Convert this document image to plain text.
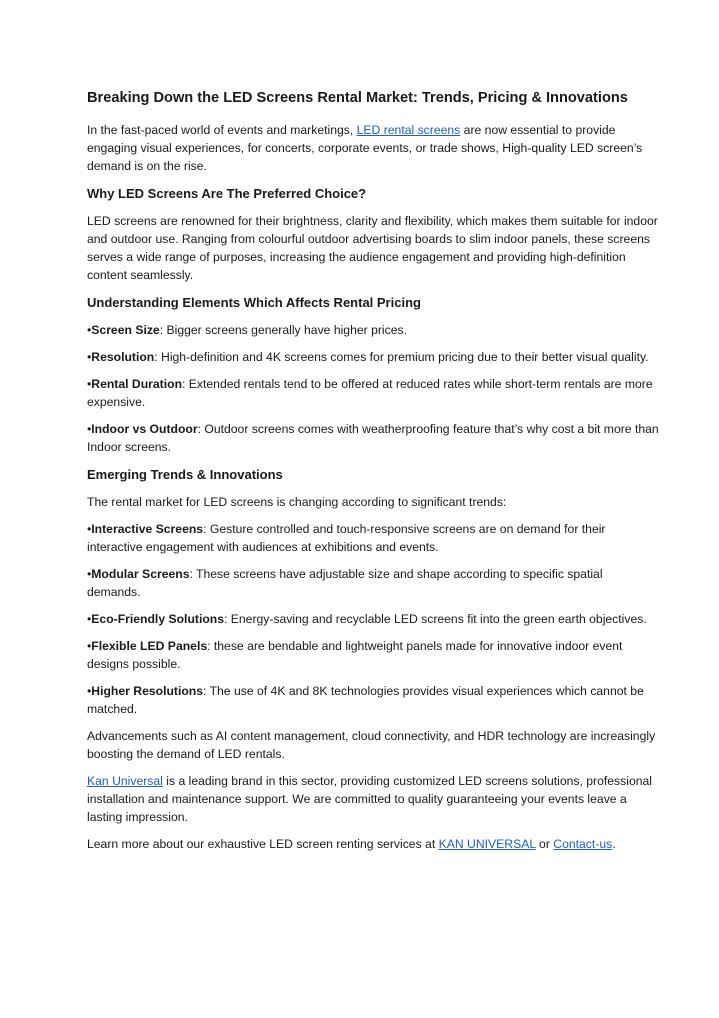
Breaking Down the LED Screens Rental Market: Trends, Pricing & Innovations

In the fast-paced world of events and marketings, LED rental screens are now essential to provide engaging visual experiences, for concerts, corporate events, or trade shows, High-quality LED screen’s demand is on the rise.

Why LED Screens Are The Preferred Choice?

LED screens are renowned for their brightness, clarity and flexibility, which makes them suitable for indoor and outdoor use. Ranging from colourful outdoor advertising boards to slim indoor panels, these screens serves a wide range of purposes, increasing the audience engagement and providing high-definition content seamlessly.

Understanding Elements Which Affects Rental Pricing

•Screen Size: Bigger screens generally have higher prices.

•Resolution: High-definition and 4K screens comes for premium pricing due to their better visual quality.

•Rental Duration: Extended rentals tend to be offered at reduced rates while short-term rentals are more expensive.

•Indoor vs Outdoor: Outdoor screens comes with weatherproofing feature that’s why cost a bit more than Indoor screens.

Emerging Trends & Innovations

The rental market for LED screens is changing according to significant trends:

•Interactive Screens: Gesture controlled and touch-responsive screens are on demand for their interactive engagement with audiences at exhibitions and events.

•Modular Screens: These screens have adjustable size and shape according to specific spatial demands.

•Eco-Friendly Solutions: Energy-saving and recyclable LED screens fit into the green earth objectives.

•Flexible LED Panels: these are bendable and lightweight panels made for innovative indoor event designs possible.

•Higher Resolutions: The use of 4K and 8K technologies provides visual experiences which cannot be matched.

Advancements such as AI content management, cloud connectivity, and HDR technology are increasingly boosting the demand of LED rentals.

Kan Universal is a leading brand in this sector, providing customized LED screens solutions, professional installation and maintenance support. We are committed to quality guaranteeing your events leave a lasting impression.

Learn more about our exhaustive LED screen renting services at KAN UNIVERSAL or Contact-us.
